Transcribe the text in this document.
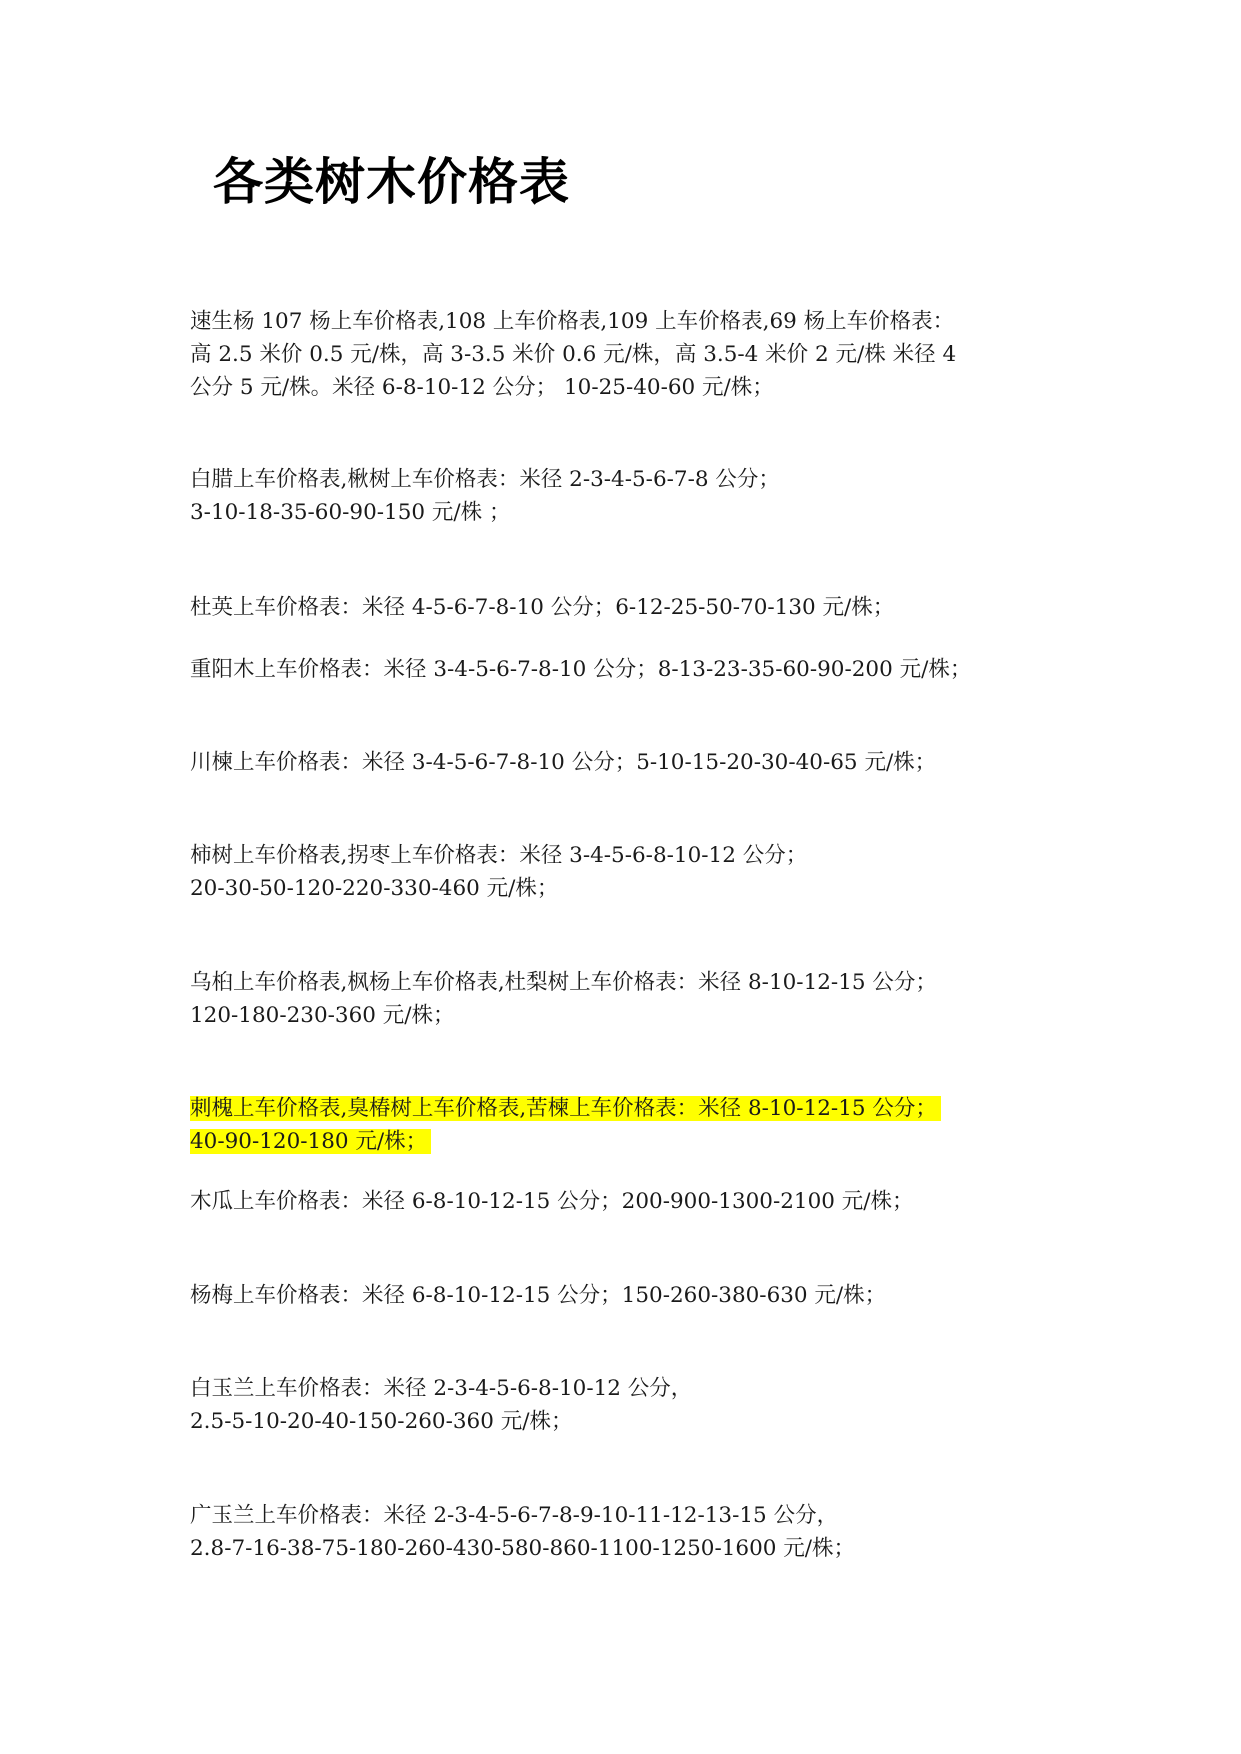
各类树木价格表
速生杨 107 杨上车价格表,108 上车价格表,109 上车价格表,69 杨上车价格表：
高 2.5 米价 0.5 元/株，高 3-3.5 米价 0.6 元/株，高 3.5-4 米价 2 元/株 米径 4
公分 5 元/株。米径 6-8-10-12 公分； 10-25-40-60 元/株；
白腊上车价格表,楸树上车价格表：米径 2-3-4-5-6-7-8 公分；
3-10-18-35-60-90-150 元/株 ；
杜英上车价格表：米径 4-5-6-7-8-10 公分；6-12-25-50-70-130 元/株；
重阳木上车价格表：米径 3-4-5-6-7-8-10 公分；8-13-23-35-60-90-200 元/株；
川楝上车价格表：米径 3-4-5-6-7-8-10 公分；5-10-15-20-30-40-65 元/株；
柿树上车价格表,拐枣上车价格表：米径 3-4-5-6-8-10-12 公分；
20-30-50-120-220-330-460 元/株；
乌桕上车价格表,枫杨上车价格表,杜梨树上车价格表：米径 8-10-12-15 公分；
120-180-230-360 元/株；
刺槐上车价格表,臭椿树上车价格表,苦楝上车价格表：米径 8-10-12-15 公分；
40-90-120-180 元/株；
木瓜上车价格表：米径 6-8-10-12-15 公分；200-900-1300-2100 元/株；
杨梅上车价格表：米径 6-8-10-12-15 公分；150-260-380-630 元/株；
白玉兰上车价格表：米径 2-3-4-5-6-8-10-12 公分，
2.5-5-10-20-40-150-260-360 元/株；
广玉兰上车价格表：米径 2-3-4-5-6-7-8-9-10-11-12-13-15 公分，
2.8-7-16-38-75-180-260-430-580-860-1100-1250-1600 元/株；
